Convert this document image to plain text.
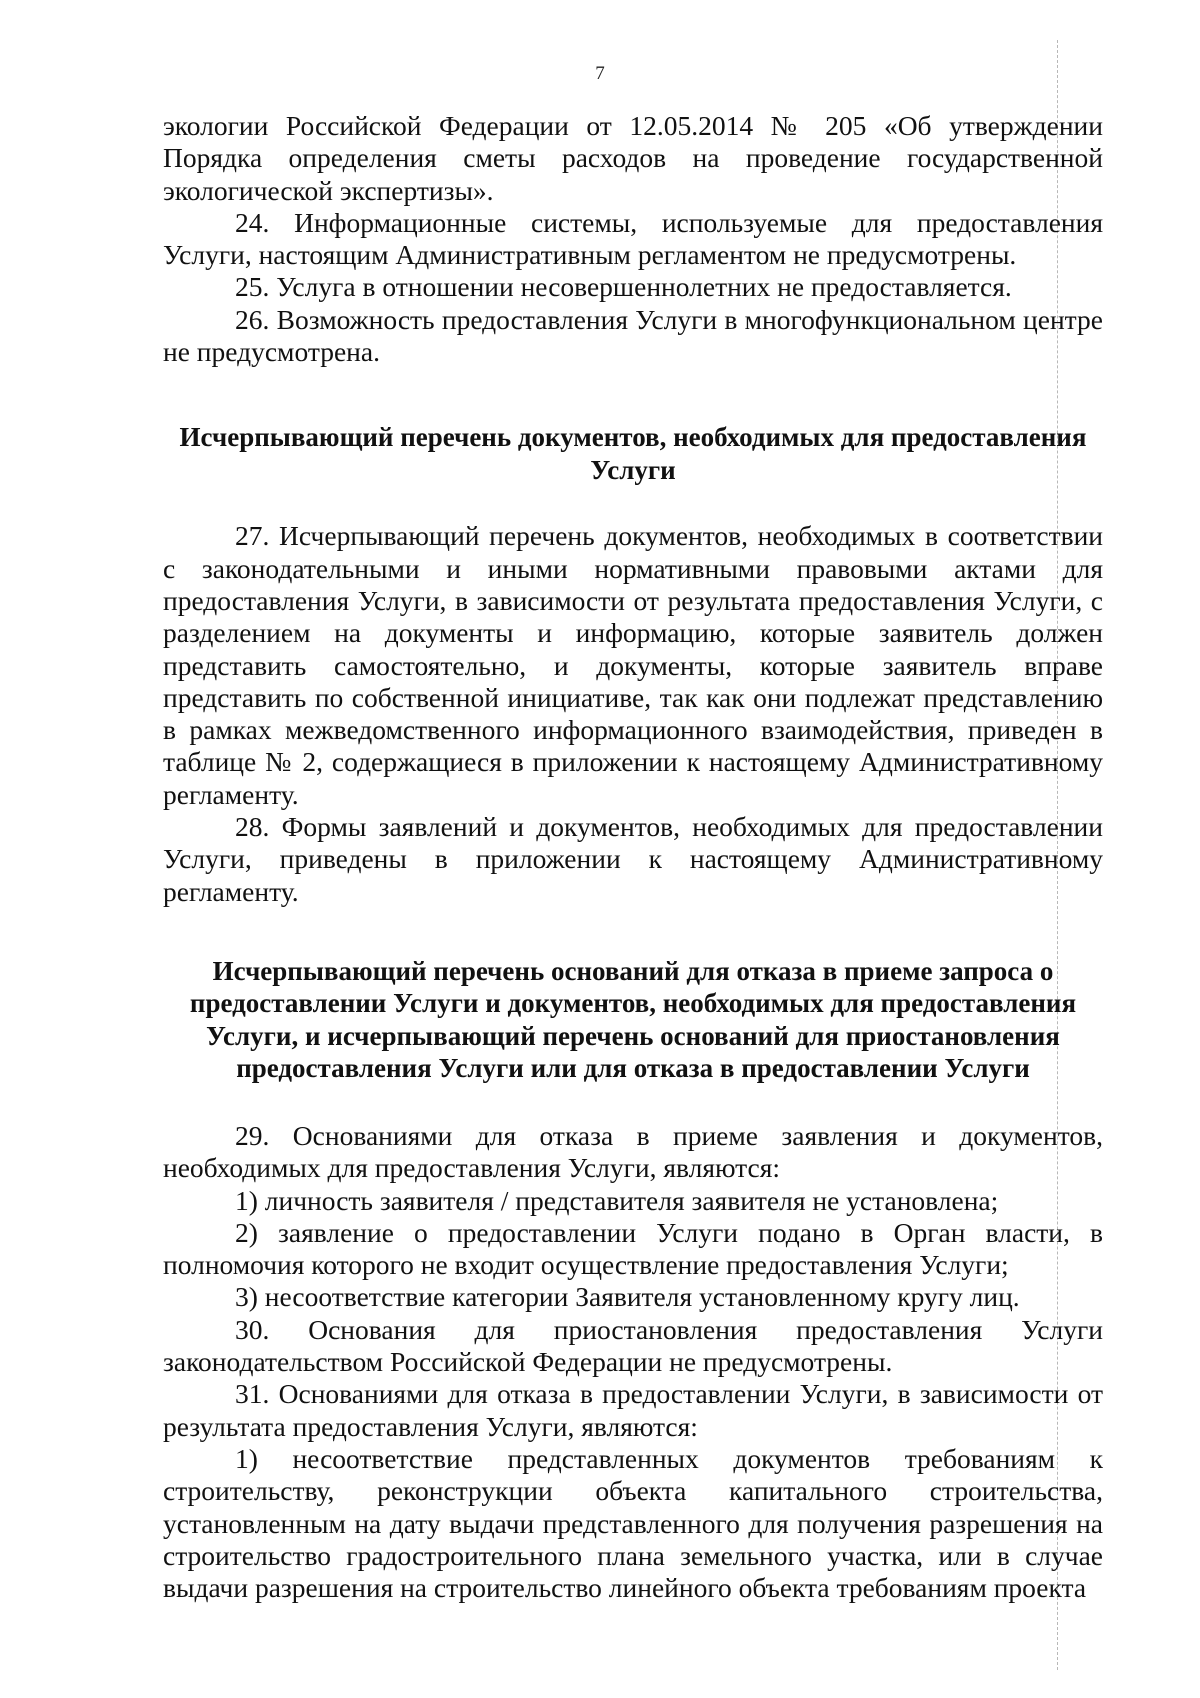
7

экологии Российской Федерации от 12.05.2014 № 205 «Об утверждении Порядка определения сметы расходов на проведение государственной экологической экспертизы».

24. Информационные системы, используемые для предоставления Услуги, настоящим Административным регламентом не предусмотрены.

25. Услуга в отношении несовершеннолетних не предоставляется.

26. Возможность предоставления Услуги в многофункциональном центре не предусмотрена.

Исчерпывающий перечень документов, необходимых для предоставления Услуги

27. Исчерпывающий перечень документов, необходимых в соответствии с законодательными и иными нормативными правовыми актами для предоставления Услуги, в зависимости от результата предоставления Услуги, с разделением на документы и информацию, которые заявитель должен представить самостоятельно, и документы, которые заявитель вправе представить по собственной инициативе, так как они подлежат представлению в рамках межведомственного информационного взаимодействия, приведен в таблице № 2, содержащиеся в приложении к настоящему Административному регламенту.

28. Формы заявлений и документов, необходимых для предоставлении Услуги, приведены в приложении к настоящему Административному регламенту.

Исчерпывающий перечень оснований для отказа в приеме запроса о предоставлении Услуги и документов, необходимых для предоставления Услуги, и исчерпывающий перечень оснований для приостановления предоставления Услуги или для отказа в предоставлении Услуги

29. Основаниями для отказа в приеме заявления и документов, необходимых для предоставления Услуги, являются:

1) личность заявителя / представителя заявителя не установлена;

2) заявление о предоставлении Услуги подано в Орган власти, в полномочия которого не входит осуществление предоставления Услуги;

3) несоответствие категории Заявителя установленному кругу лиц.

30. Основания для приостановления предоставления Услуги законодательством Российской Федерации не предусмотрены.

31. Основаниями для отказа в предоставлении Услуги, в зависимости от результата предоставления Услуги, являются:

1) несоответствие представленных документов требованиям к строительству, реконструкции объекта капитального строительства, установленным на дату выдачи представленного для получения разрешения на строительство градостроительного плана земельного участка, или в случае выдачи разрешения на строительство линейного объекта требованиям проекта
